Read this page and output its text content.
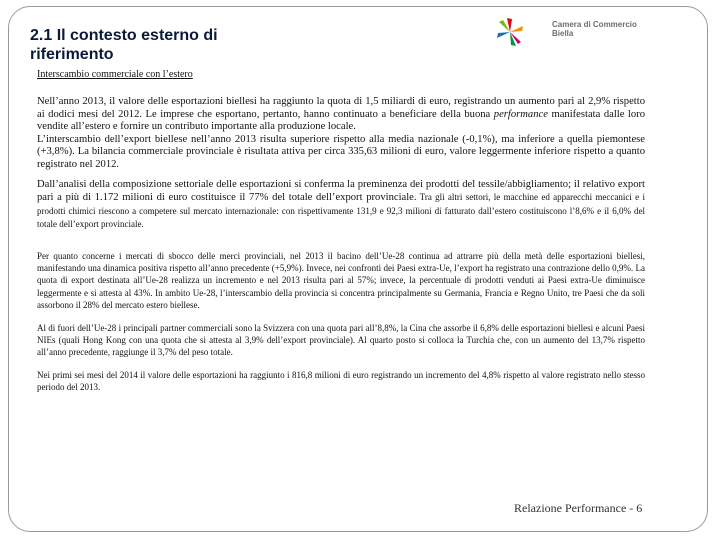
2.1 Il contesto esterno di
riferimento
Camera di Commercio
Biella

Interscambio commerciale con l’estero

Nell’anno 2013, il valore delle esportazioni biellesi ha raggiunto la quota di 1,5 miliardi di euro, registrando un aumento pari al 2,9% rispetto ai dodici mesi del 2012. Le imprese che esportano, pertanto, hanno continuato a beneficiare della buona performance manifestata dalle loro vendite all’estero e fornire un contributo importante alla produzione locale.

L’interscambio dell’export biellese nell’anno 2013 risulta superiore rispetto alla media nazionale (-0,1%), ma inferiore a quella piemontese (+3,8%). La bilancia commerciale provinciale è risultata attiva per circa 335,63 milioni di euro, valore leggermente inferiore rispetto a quanto registrato nel 2012.

Dall’analisi della composizione settoriale delle esportazioni si conferma la preminenza dei prodotti del tessile/abbigliamento; il relativo export pari a più di 1.172 milioni di euro costituisce il 77% del totale dell’export provinciale. Tra gli altri settori, le macchine ed apparecchi meccanici e i prodotti chimici riescono a competere sul mercato internazionale: con rispettivamente 131,9 e 92,3 milioni di fatturato dall’estero costituiscono l’8,6% e il 6,0% del totale dell’export provinciale.

Per quanto concerne i mercati di sbocco delle merci provinciali, nel 2013 il bacino dell’Ue-28 continua ad attrarre più della metà delle esportazioni biellesi, manifestando una dinamica positiva rispetto all’anno precedente (+5,9%). Invece, nei confronti dei Paesi extra-Ue, l’export ha registrato una contrazione dello 0,9%. La quota di export destinata all’Ue-28 realizza un incremento e nel 2013 risulta pari al 57%; invece, la percentuale di prodotti venduti ai Paesi extra-Ue diminuisce leggermente e si attesta al 43%. In ambito Ue-28, l’interscambio della provincia si concentra principalmente su Germania, Francia e Regno Unito, tre Paesi che da soli assorbono il 28% del mercato estero biellese.

Al di fuori dell’Ue-28 i principali partner commerciali sono la Svizzera con una quota pari all’8,8%, la Cina che assorbe il 6,8% delle esportazioni biellesi e alcuni Paesi NIEs (quali Hong Kong con una quota che si attesta al 3,9% dell’export provinciale). Al quarto posto si colloca la Turchia che, con un aumento del 13,7% rispetto all’anno precedente, raggiunge il 3,7% del peso totale.

Nei primi sei mesi del 2014 il valore delle esportazioni ha raggiunto i 816,8 milioni di euro registrando un incremento del 4,8% rispetto al valore registrato nello stesso periodo del 2013.

Relazione Performance - 6
